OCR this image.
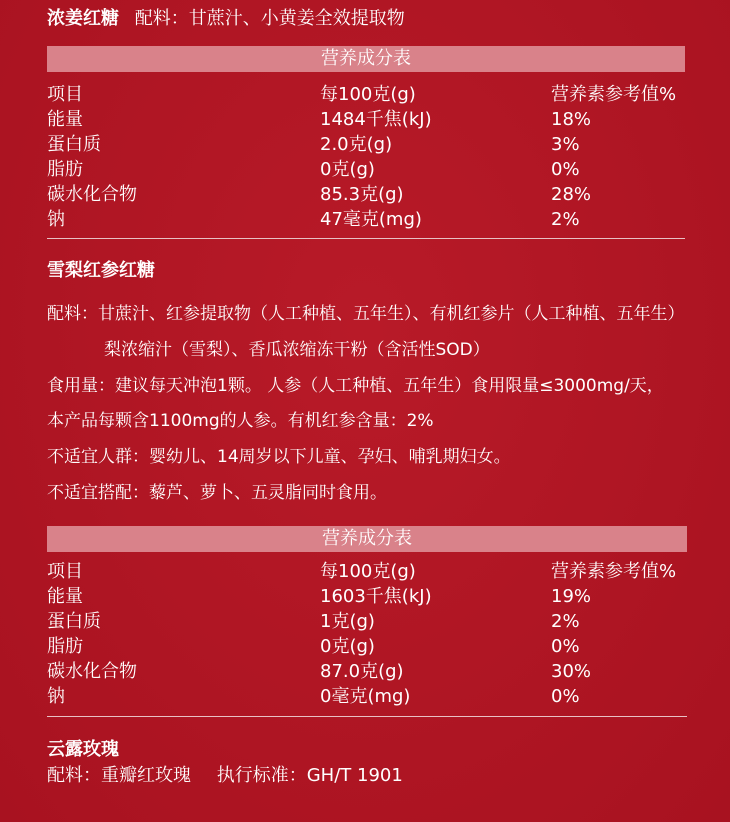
浓姜红糖 配料：甘蔗汁、小黄姜全效提取物
营养成分表
项目	每100克(g)	营养素参考值%
能量	1484千焦(kJ)	18%
蛋白质	2.0克(g)	3%
脂肪	0克(g)	0%
碳水化合物	85.3克(g)	28%
钠	47毫克(mg)	2%
雪梨红参红糖
配料：甘蔗汁、红参提取物（人工种植、五年生）、有机红参片（人工种植、五年生）
梨浓缩汁（雪梨）、香瓜浓缩冻干粉（含活性SOD）
食用量：建议每天冲泡1颗。 人参（人工种植、五年生）食用限量≤3000mg/天，
本产品每颗含1100mg的人参。有机红参含量：2%
不适宜人群：婴幼儿、14周岁以下儿童、孕妇、哺乳期妇女。
不适宜搭配：藜芦、萝卜、五灵脂同时食用。
营养成分表
项目	每100克(g)	营养素参考值%
能量	1603千焦(kJ)	19%
蛋白质	1克(g)	2%
脂肪	0克(g)	0%
碳水化合物	87.0克(g)	30%
钠	0毫克(mg)	0%
云露玫瑰
配料：重瓣红玫瑰 执行标准：GH/T 1901
